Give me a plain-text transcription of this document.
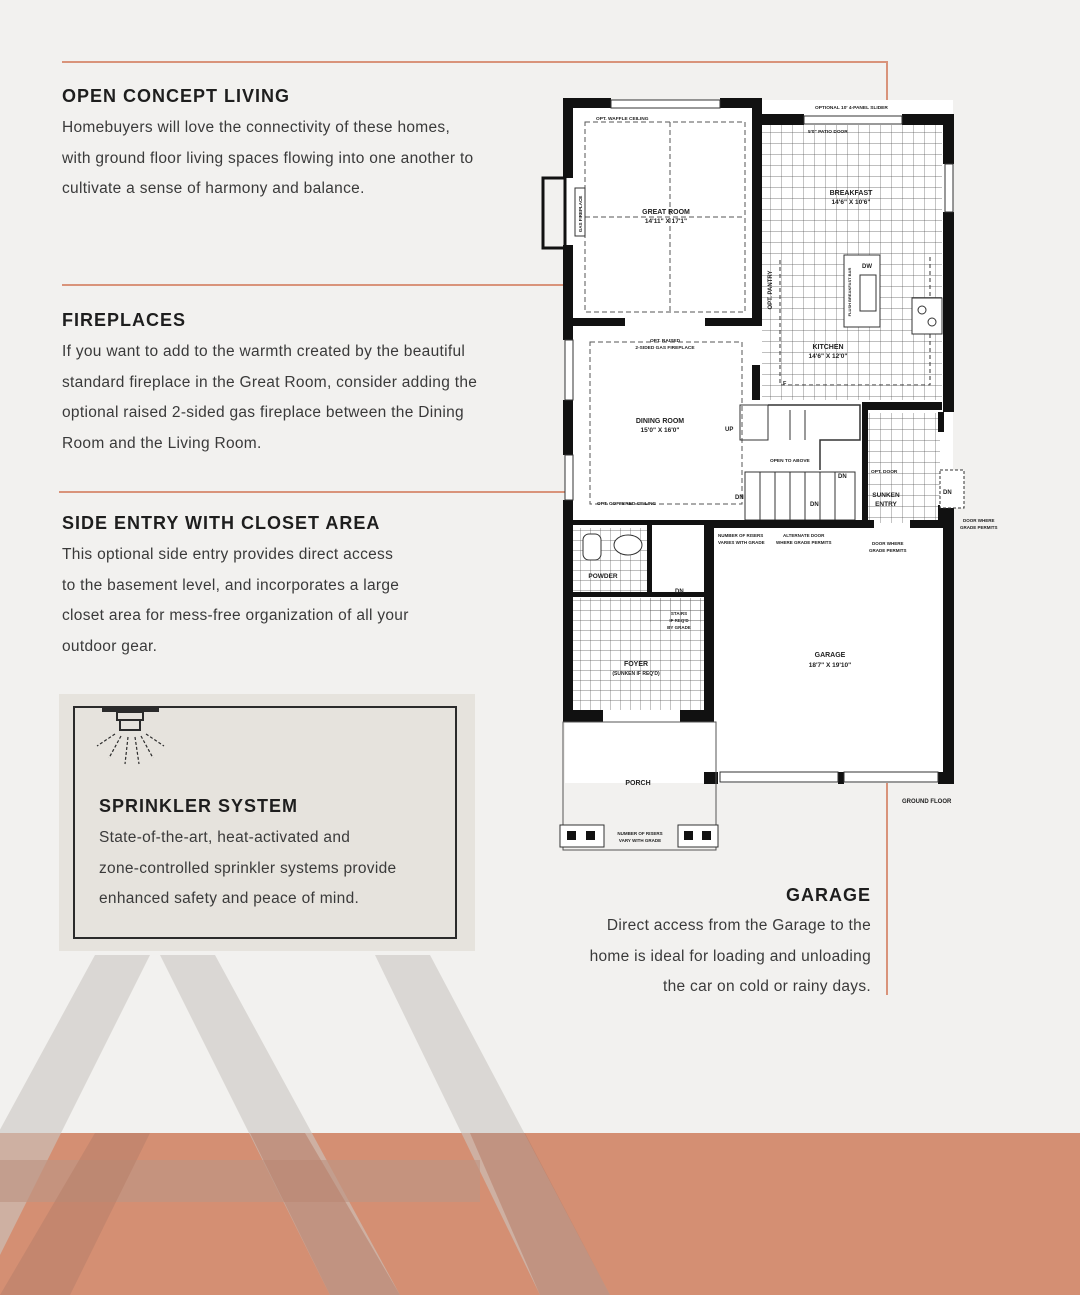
OPEN CONCEPT LIVING
Homebuyers will love the connectivity of these homes,
with ground floor living spaces flowing into one another to
cultivate a sense of harmony and balance.
FIREPLACES
If you want to add to the warmth created by the beautiful
standard fireplace in the Great Room, consider adding the
optional raised 2-sided gas fireplace between the Dining
Room and the Living Room.
SIDE ENTRY WITH CLOSET AREA
This optional side entry provides direct access
to the basement level, and incorporates a large
closet area for mess-free organization of all your
outdoor gear.
SPRINKLER SYSTEM
State-of-the-art, heat-activated and
zone-controlled sprinkler systems provide
enhanced safety and peace of mind.	GARAGE
Direct access from the Garage to the
home is ideal for loading and unloading
the car on cold or rainy days.
GREAT ROOM
14'11" X 17'1"
BREAKFAST
14'6" X 10'6"
KITCHEN
14'6" X 12'0"
DINING ROOM
15'0" X 16'0"
GARAGE
18'7" X 19'10"
FOYER
(SUNKEN IF REQ'D)
PORCH
POWDER
SUNKEN
ENTRY
OPT. PANTRY
OPT. WAFFLE CEILING
OPTIONAL 10' 4-PANEL SLIDER
5'0" PATIO DOOR
GAS FIREPLACE
OPT. RAISED
2-SIDED GAS FIREPLACE
OPT. COFFERED CEILING
OPEN TO ABOVE
OPT. DOOR
DW
FLUSH BREAKFAST BAR
F
UP
DN
DN
DN
DN
DN
NUMBER OF RISERS
VARIES WITH GRADE
ALTERNATE DOOR
WHERE GRADE PERMITS	DOOR WHERE
GRADE PERMITS
DOOR WHERE
GRADE PERMITS
STAIRS
IF REQ'D
BY GRADE
NUMBER OF RISERS
VARY WITH GRADE
GROUND FLOOR
